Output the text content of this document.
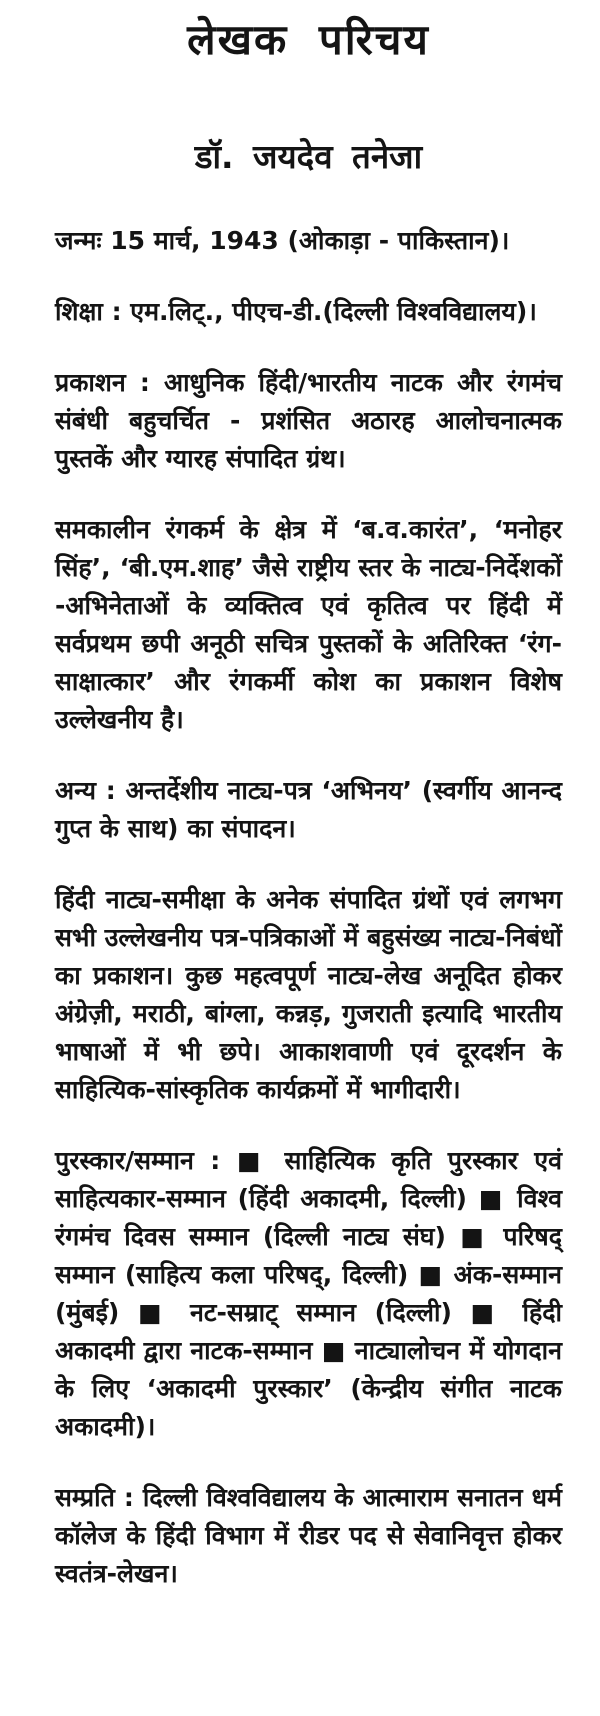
लेखक परिचय
डॉ. जयदेव तनेजा

जन्मः 15 मार्च, 1943 (ओकाड़ा - पाकिस्तान)।

शिक्षा : एम.लिट्., पीएच-डी.(दिल्ली विश्वविद्यालय)।

प्रकाशन : आधुनिक हिंदी/भारतीय नाटक और रंगमंच संबंधी बहुचर्चित - प्रशंसित अठारह आलोचनात्मक पुस्तकें और ग्यारह संपादित ग्रंथ।

समकालीन रंगकर्म के क्षेत्र में ‘ब.व.कारंत’, ‘मनोहर सिंह’, ‘बी.एम.शाह’ जैसे राष्ट्रीय स्तर के नाट्य-निर्देशकों -अभिनेताओं के व्यक्तित्व एवं कृतित्व पर हिंदी में सर्वप्रथम छपी अनूठी सचित्र पुस्तकों के अतिरिक्त ‘रंग-साक्षात्कार’ और रंगकर्मी कोश का प्रकाशन विशेष उल्लेखनीय है।

अन्य : अन्तर्देशीय नाट्य-पत्र ‘अभिनय’ (स्वर्गीय आनन्द गुप्त के साथ) का संपादन।

हिंदी नाट्य-समीक्षा के अनेक संपादित ग्रंथों एवं लगभग सभी उल्लेखनीय पत्र-पत्रिकाओं में बहुसंख्य नाट्य-निबंधों का प्रकाशन। कुछ महत्वपूर्ण नाट्य-लेख अनूदित होकर अंग्रेज़ी, मराठी, बांग्ला, कन्नड़, गुजराती इत्यादि भारतीय भाषाओं में भी छपे। आकाशवाणी एवं दूरदर्शन के साहित्यिक-सांस्कृतिक कार्यक्रमों में भागीदारी।

पुरस्कार/सम्मान : ■ साहित्यिक कृति पुरस्कार एवं साहित्यकार-सम्मान (हिंदी अकादमी, दिल्ली) ■ विश्व रंगमंच दिवस सम्मान (दिल्ली नाट्य संघ) ■ परिषद् सम्मान (साहित्य कला परिषद्, दिल्ली) ■ अंक-सम्मान (मुंबई) ■ नट-सम्राट् सम्मान (दिल्ली) ■ हिंदी अकादमी द्वारा नाटक-सम्मान ■ नाट्यालोचन में योगदान के लिए ‘अकादमी पुरस्कार’ (केन्द्रीय संगीत नाटक अकादमी)।

सम्प्रति : दिल्ली विश्वविद्यालय के आत्माराम सनातन धर्म कॉलेज के हिंदी विभाग में रीडर पद से सेवानिवृत्त होकर स्वतंत्र-लेखन।
